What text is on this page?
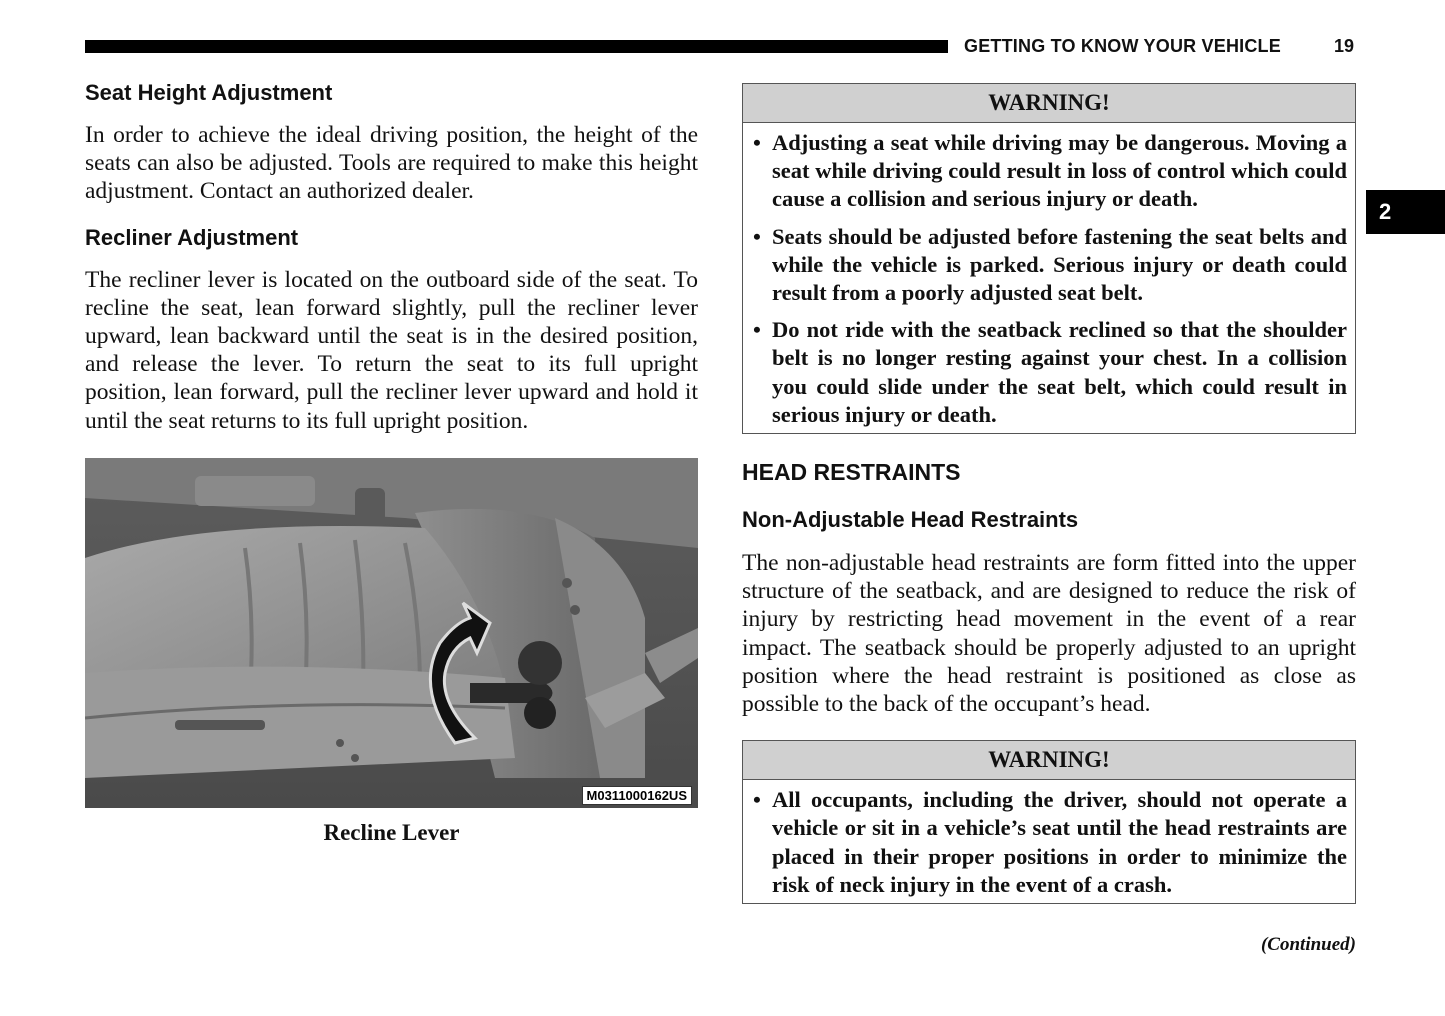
GETTING TO KNOW YOUR VEHICLE	19
2
Seat Height Adjustment

In order to achieve the ideal driving position, the height of the seats can also be adjusted. Tools are required to make this height adjustment. Contact an authorized dealer.

Recliner Adjustment

The recliner lever is located on the outboard side of the seat. To recline the seat, lean forward slightly, pull the recliner lever upward, lean backward until the seat is in the desired position, and release the lever. To return the seat to its full upright position, lean forward, pull the recliner lever upward and hold it until the seat returns to its full upright position.

M0311000162US
Recline Lever
WARNING!
• Adjusting a seat while driving may be dangerous. Moving a seat while driving could result in loss of control which could cause a collision and serious injury or death.
• Seats should be adjusted before fastening the seat belts and while the vehicle is parked. Serious injury or death could result from a poorly adjusted seat belt.
• Do not ride with the seatback reclined so that the shoulder belt is no longer resting against your chest. In a collision you could slide under the seat belt, which could result in serious injury or death.
HEAD RESTRAINTS
Non-Adjustable Head Restraints

The non-adjustable head restraints are form fitted into the upper structure of the seatback, and are designed to reduce the risk of injury by restricting head movement in the event of a rear impact. The seatback should be properly adjusted to an upright position where the head restraint is positioned as close as possible to the back of the occupant’s head.

WARNING!
• All occupants, including the driver, should not operate a vehicle or sit in a vehicle’s seat until the head restraints are placed in their proper positions in order to minimize the risk of neck injury in the event of a crash.
(Continued)
